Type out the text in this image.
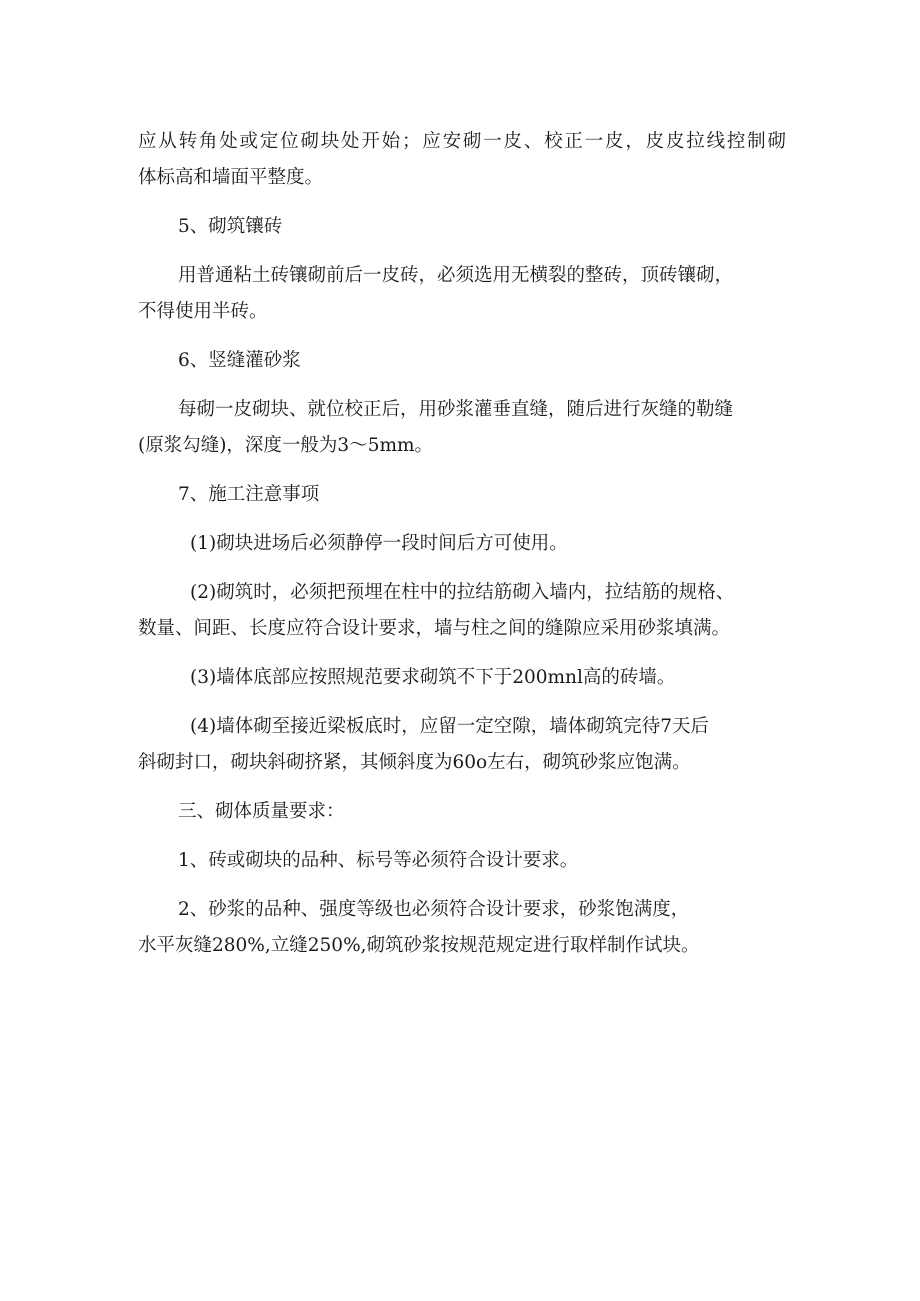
应从转角处或定位砌块处开始；应安砌一皮、校正一皮，皮皮拉线控制砌
体标高和墙面平整度。
5、砌筑镶砖
用普通粘土砖镶砌前后一皮砖，必须选用无横裂的整砖，顶砖镶砌，
不得使用半砖。
6、竖缝灌砂浆
每砌一皮砌块、就位校正后，用砂浆灌垂直缝，随后进行灰缝的勒缝
(原浆勾缝)，深度一般为3～5mm。
7、施工注意事项
(1)砌块进场后必须静停一段时间后方可使用。
(2)砌筑时，必须把预埋在柱中的拉结筋砌入墙内，拉结筋的规格、
数量、间距、长度应符合设计要求，墙与柱之间的缝隙应采用砂浆填满。
(3)墙体底部应按照规范要求砌筑不下于200mnl高的砖墙。
(4)墙体砌至接近梁板底时，应留一定空隙，墙体砌筑完待7天后
斜砌封口，砌块斜砌挤紧，其倾斜度为60o左右，砌筑砂浆应饱满。
三、砌体质量要求：
1、砖或砌块的品种、标号等必须符合设计要求。
2、砂浆的品种、强度等级也必须符合设计要求，砂浆饱满度，
水平灰缝280%,立缝250%,砌筑砂浆按规范规定进行取样制作试块。
